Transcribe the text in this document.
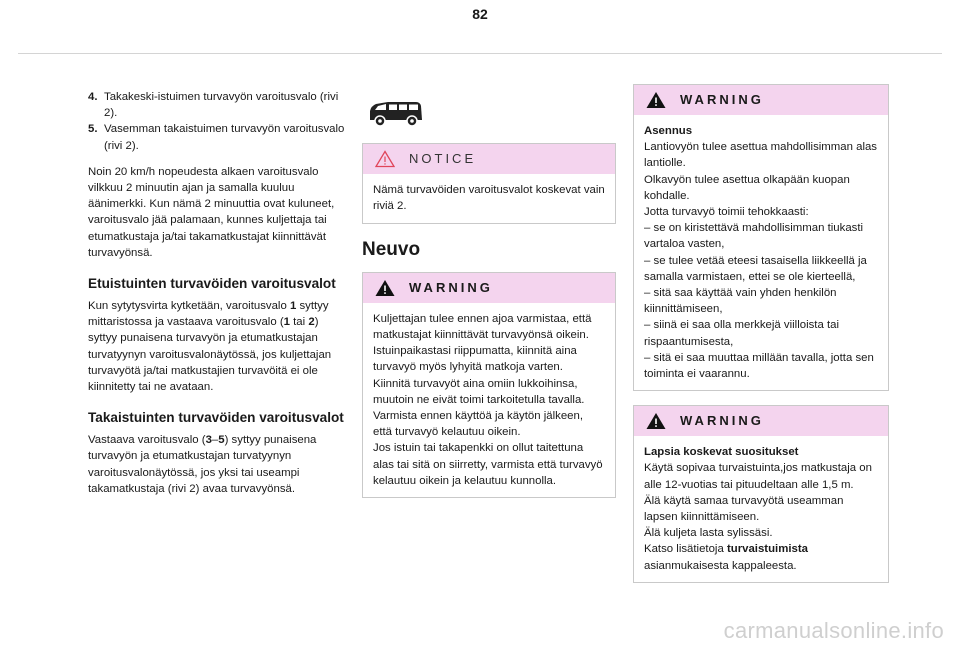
82
4. Takakeski-istuimen turvavyön varoitusvalo (rivi 2).
5. Vasemman takaistuimen turvavyön varoitusvalo (rivi 2).

Noin 20 km/h nopeudesta alkaen varoitusvalo vilkkuu 2 minuutin ajan ja samalla kuuluu äänimerkki. Kun nämä 2 minuuttia ovat kuluneet, varoitusvalo jää palamaan, kunnes kuljettaja tai etumatkustaja ja/tai takamatkustajat kiinnittävät turvavyönsä.

Etuistuinten turvavöiden varoitusvalot

Kun sytytysvirta kytketään, varoitusvalo 1 syttyy mittaristossa ja vastaava varoitusvalo (1 tai 2) syttyy punaisena turvavyön ja etumatkustajan turvatyynyn varoitusvalonäytössä, jos kuljettajan turvavyötä ja/tai matkustajien turvavöitä ei ole kiinnitetty tai ne avataan.

Takaistuinten turvavöiden varoitusvalot

Vastaava varoitusvalo (3–5) syttyy punaisena turvavyön ja etumatkustajan turvatyynyn varoitusvalonäytössä, jos yksi tai useampi takamatkustaja (rivi 2) avaa turvavyönsä.

NOTICE
Nämä turvavöiden varoitusvalot koskevat vain riviä 2.
Neuvo
WARNING
Kuljettajan tulee ennen ajoa varmistaa, että matkustajat kiinnittävät turvavyönsä oikein.
Istuinpaikastasi riippumatta, kiinnitä aina turvavyö myös lyhyitä matkoja varten.
Kiinnitä turvavyöt aina omiin lukkoihinsa, muutoin ne eivät toimi tarkoitetulla tavalla.
Varmista ennen käyttöä ja käytön jälkeen, että turvavyö kelautuu oikein.
Jos istuin tai takapenkki on ollut taitettuna alas tai sitä on siirretty, varmista että turvavyö kelautuu oikein ja kelautuu kunnolla.
WARNING
Asennus
Lantiovyön tulee asettua mahdollisimman alas lantiolle.
Olkavyön tulee asettua olkapään kuopan kohdalle.
Jotta turvavyö toimii tehokkaasti:
– se on kiristettävä mahdollisimman tiukasti vartaloa vasten,
– se tulee vetää eteesi tasaisella liikkeellä ja samalla varmistaen, ettei se ole kierteellä,
– sitä saa käyttää vain yhden henkilön kiinnittämiseen,
– siinä ei saa olla merkkejä viilloista tai rispaantumisesta,
– sitä ei saa muuttaa millään tavalla, jotta sen toiminta ei vaarannu.
WARNING
Lapsia koskevat suositukset
Käytä sopivaa turvaistuinta,jos matkustaja on alle 12-vuotias tai pituudeltaan alle 1,5 m.
Älä käytä samaa turvavyötä useamman lapsen kiinnittämiseen.
Älä kuljeta lasta sylissäsi.
Katso lisätietoja turvaistuimista asianmukaisesta kappaleesta.
carmanualsonline.info
